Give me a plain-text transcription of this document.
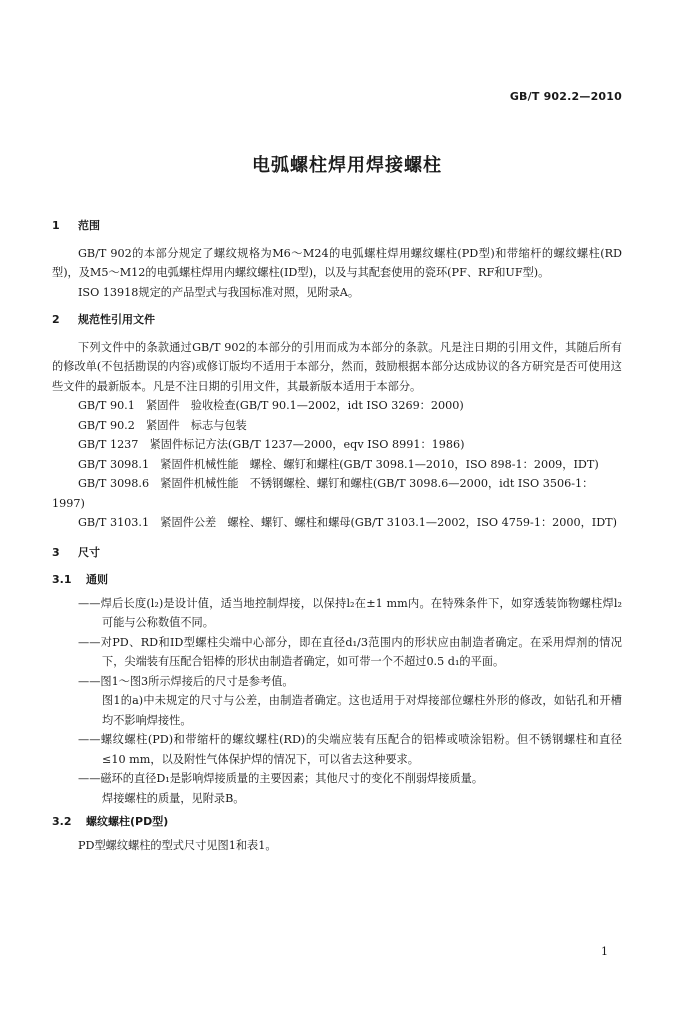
GB/T 902.2—2010
电弧螺柱焊用焊接螺柱
1 范围
GB/T 902的本部分规定了螺纹规格为M6～M24的电弧螺柱焊用螺纹螺柱(PD型)和带缩杆的螺纹螺柱(RD型)，及M5～M12的电弧螺柱焊用内螺纹螺柱(ID型)，以及与其配套使用的瓷环(PF、RF和UF型)。
ISO 13918规定的产品型式与我国标准对照，见附录A。
2 规范性引用文件
下列文件中的条款通过GB/T 902的本部分的引用而成为本部分的条款。凡是注日期的引用文件，其随后所有的修改单(不包括勘误的内容)或修订版均不适用于本部分，然而，鼓励根据本部分达成协议的各方研究是否可使用这些文件的最新版本。凡是不注日期的引用文件，其最新版本适用于本部分。
GB/T 90.1　紧固件　验收检查(GB/T 90.1—2002，idt ISO 3269：2000)
GB/T 90.2　紧固件　标志与包装
GB/T 1237　紧固件标记方法(GB/T 1237—2000，eqv ISO 8991：1986)
GB/T 3098.1　紧固件机械性能　螺栓、螺钉和螺柱(GB/T 3098.1—2010，ISO 898-1：2009，IDT)
GB/T 3098.6　紧固件机械性能　不锈钢螺栓、螺钉和螺柱(GB/T 3098.6—2000，idt ISO 3506-1：1997)
GB/T 3103.1　紧固件公差　螺栓、螺钉、螺柱和螺母(GB/T 3103.1—2002，ISO 4759-1：2000，IDT)
3 尺寸
3.1 通则
——焊后长度(l₂)是设计值，适当地控制焊接，以保持l₂在±1 mm内。在特殊条件下，如穿透装饰物螺柱焊l₂可能与公称数值不同。
——对PD、RD和ID型螺柱尖端中心部分，即在直径d₁/3范围内的形状应由制造者确定。在采用焊剂的情况下，尖端装有压配合铝棒的形状由制造者确定，如可带一个不超过0.5 d₁的平面。
——图1～图3所示焊接后的尺寸是参考值。
图1的a)中未规定的尺寸与公差，由制造者确定。这也适用于对焊接部位螺柱外形的修改，如钻孔和开槽均不影响焊接性。
——螺纹螺柱(PD)和带缩杆的螺纹螺柱(RD)的尖端应装有压配合的铝棒或喷涂铝粉。但不锈钢螺柱和直径≤10 mm，以及附性气体保护焊的情况下，可以省去这种要求。
——磁环的直径D₁是影响焊接质量的主要因素；其他尺寸的变化不削弱焊接质量。
焊接螺柱的质量，见附录B。
3.2 螺纹螺柱(PD型)
PD型螺纹螺柱的型式尺寸见图1和表1。
1
